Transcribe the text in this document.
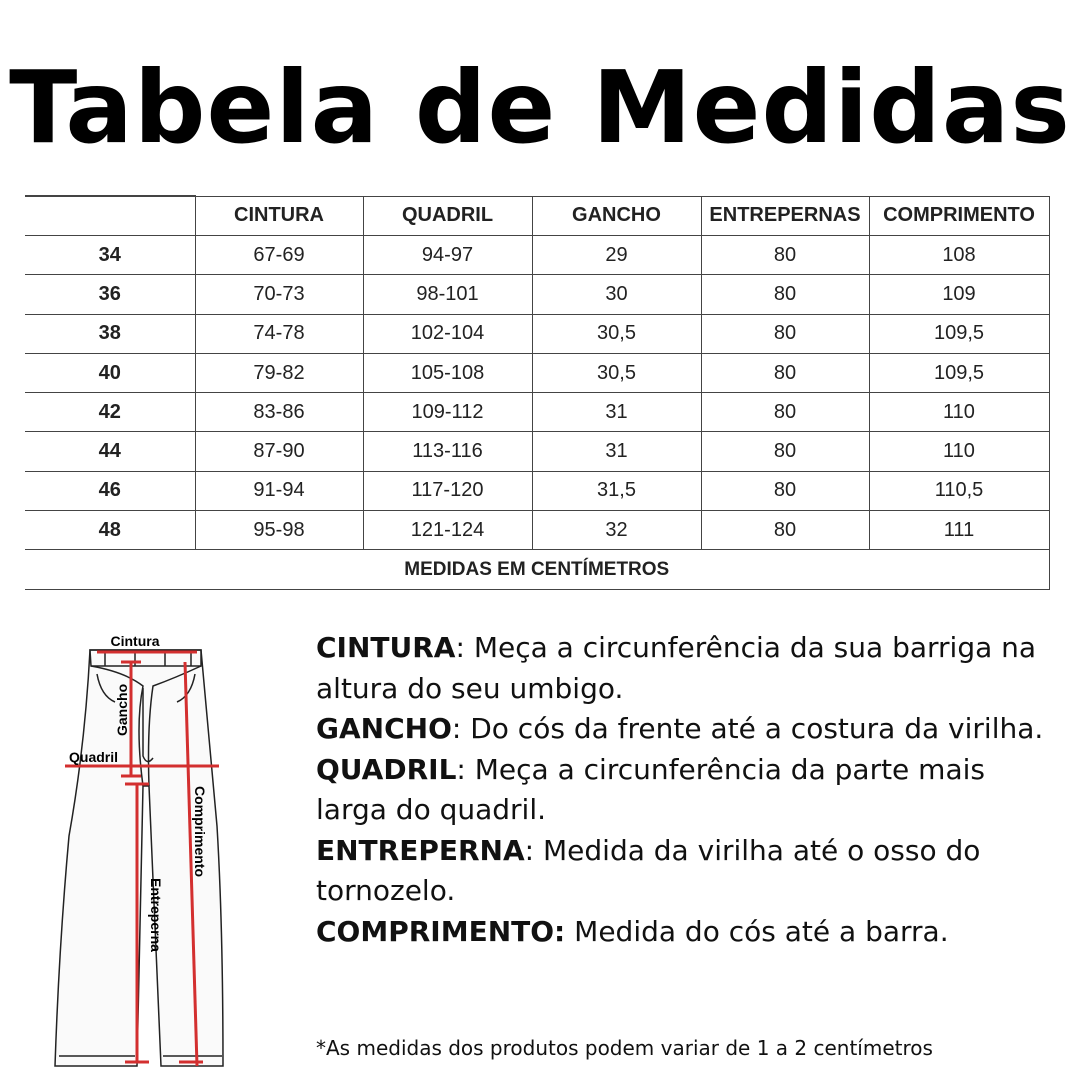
Tabela de Medidas
	CINTURA	QUADRIL	GANCHO	ENTREPERNAS	COMPRIMENTO
34	67-69	94-97	29	80	108
36	70-73	98-101	30	80	109
38	74-78	102-104	30,5	80	109,5
40	79-82	105-108	30,5	80	109,5
42	83-86	109-112	31	80	110
44	87-90	113-116	31	80	110
46	91-94	117-120	31,5	80	110,5
48	95-98	121-124	32	80	111
MEDIDAS EM CENTÍMETROS					
Cintura
Gancho
Quadril
Comprimento
Entreperna

CINTURA: Meça a circunferência da sua barriga na altura do seu umbigo.

GANCHO: Do cós da frente até a costura da virilha.

QUADRIL: Meça a circunferência da parte mais larga do quadril.

ENTREPERNA: Medida da virilha até o osso do tornozelo.

COMPRIMENTO: Medida do cós até a barra.

*As medidas dos produtos podem variar de 1 a 2 centímetros
